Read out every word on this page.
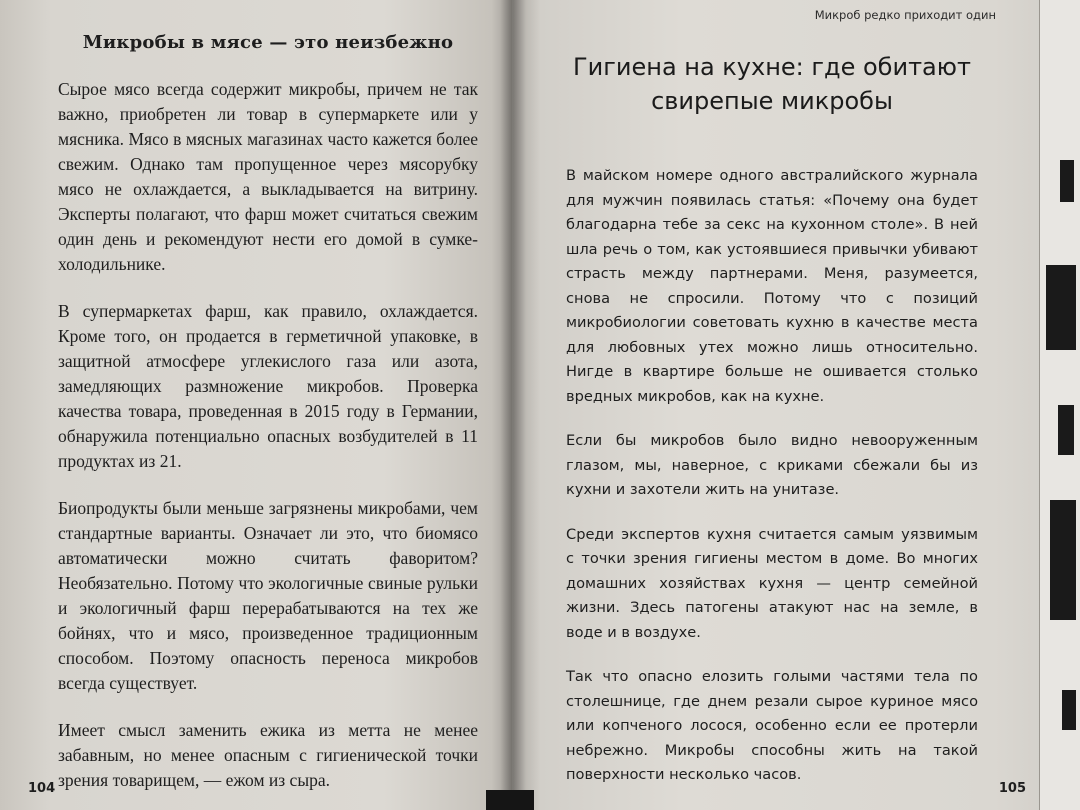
Микробы в мясе — это неизбежно

Сырое мясо всегда содержит микробы, причем не так важно, приобретен ли товар в супермаркете или у мясника. Мясо в мясных магазинах часто кажется более свежим. Однако там пропущенное через мясорубку мясо не охлаждается, а выкладывается на витрину. Эксперты полагают, что фарш может считаться свежим один день и рекомендуют нести его домой в сумке-холодильнике.

В супермаркетах фарш, как правило, охлаждается. Кроме того, он продается в герметичной упаковке, в защитной атмосфере углекислого газа или азота, замедляющих размножение микробов. Проверка качества товара, проведенная в 2015 году в Германии, обнаружила потенциально опасных возбудителей в 11 продуктах из 21.

Биопродукты были меньше загрязнены микробами, чем стандартные варианты. Означает ли это, что биомясо автоматически можно считать фаворитом? Необязательно. Потому что экологичные свиные рульки и экологичный фарш перерабатываются на тех же бойнях, что и мясо, произведенное традиционным способом. Поэтому опасность переноса микробов всегда существует.

Имеет смысл заменить ежика из метта не менее забавным, но менее опасным с гигиенической точки зрения товарищем, — ежом из сыра.

104
Микроб редко приходит один
Гигиена на кухне: где обитают
свирепые микробы

В майском номере одного австралийского журнала для мужчин появилась статья: «Почему она будет благодарна тебе за секс на кухонном столе». В ней шла речь о том, как устоявшиеся привычки убивают страсть между партнерами. Меня, разумеется, снова не спросили. Потому что с позиций микробиологии советовать кухню в качестве места для любовных утех можно лишь относительно. Нигде в квартире больше не ошивается столько вредных микробов, как на кухне.

Если бы микробов было видно невооруженным глазом, мы, наверное, с криками сбежали бы из кухни и захотели жить на унитазе.

Среди экспертов кухня считается самым уязвимым с точки зрения гигиены местом в доме. Во многих домашних хозяйствах кухня — центр семейной жизни. Здесь патогены атакуют нас на земле, в воде и в воздухе.

Так что опасно елозить голыми частями тела по столешнице, где днем резали сырое куриное мясо или копченого лосося, особенно если ее протерли небрежно. Микробы способны жить на такой поверхности несколько часов.

105
